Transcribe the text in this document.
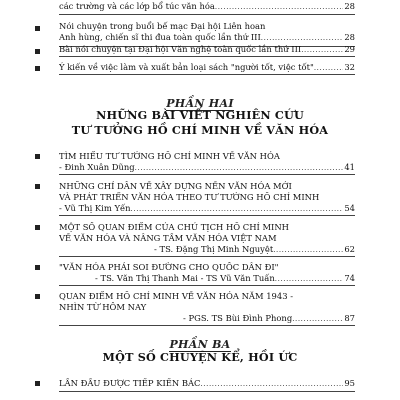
các trường và các lớp bổ túc văn hóa .....	28
Nói chuyện trong buổi bế mạc Đại hội Liên hoan
Anh hùng, chiến sĩ thi đua toàn quốc lần thứ III .....	28
Bài nói chuyện tại Đại hội Văn nghệ toàn quốc lần thứ III .....	29
Ý kiến về việc làm và xuất bản loại sách "người tốt, việc tốt" .....	32
PHẦN HAI
NHỮNG BÀI VIẾT NGHIÊN CỨU
TƯ TƯỞNG HỒ CHÍ MINH VỀ VĂN HÓA
TÌM HIỂU TƯ TƯỞNG HỒ CHÍ MINH VỀ VĂN HÓA
- Đinh Xuân Dũng .....	41
NHỮNG CHỈ DẪN VỀ XÂY DỰNG NỀN VĂN HÓA MỚI
VÀ PHÁT TRIỂN VĂN HÓA THEO TƯ TƯỞNG HỒ CHÍ MINH
- Vũ Thị Kim Yến .....	54
MỘT SỐ QUAN ĐIỂM CỦA CHỦ TỊCH HỒ CHÍ MINH
VỀ VĂN HÓA VÀ NÂNG TẦM VĂN HÓA VIỆT NAM
- TS. Đặng Thị Minh Nguyệt .....	62
"VĂN HÓA PHẢI SOI ĐƯỜNG CHO QUỐC DÂN ĐI"
- TS. Văn Thị Thanh Mai - TS Vũ Văn Tuấn .....	74
QUAN ĐIỂM HỒ CHÍ MINH VỀ VĂN HÓA NĂM 1943 -
NHÌN TỪ HÔM NAY
- PGS. TS Bùi Đình Phong .....	87
PHẦN BA
MỘT SỐ CHUYỆN KỂ, HỒI ỨC
LẦN ĐẦU ĐƯỢC TIẾP KIẾN BÁC .....	95
